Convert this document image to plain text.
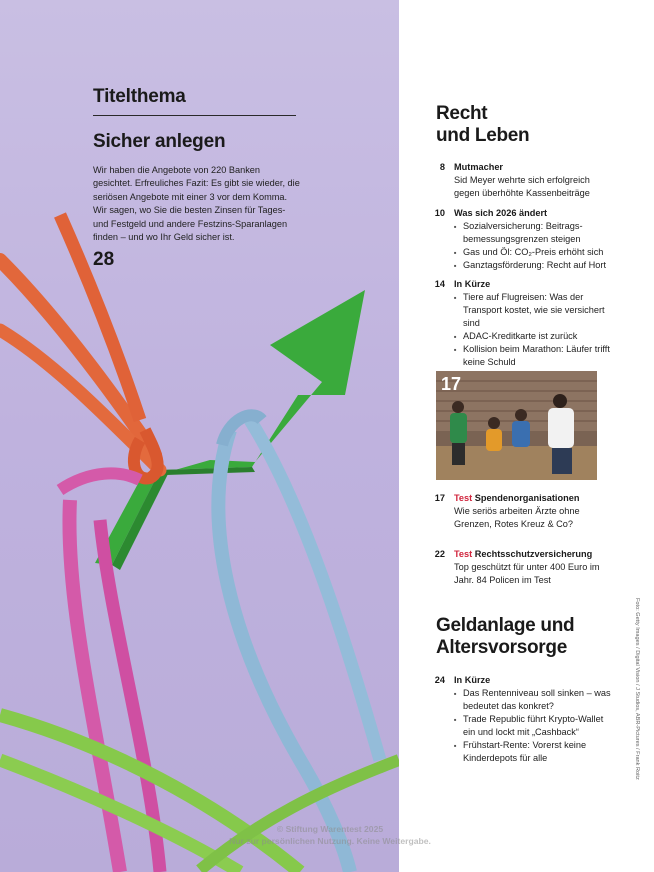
Titelthema
Sicher anlegen
Wir haben die Angebote von 220 Banken gesichtet. Erfreuliches Fazit: Es gibt sie wieder, die seriösen Angebote mit einer 3 vor dem Komma. Wir sagen, wo Sie die besten Zinsen für Tages- und Festgeld und andere Festzins-Sparanlagen finden – und wo Ihr Geld sicher ist.
28
Recht
und Leben
8 Mutmacher
Sid Meyer wehrte sich erfolgreich gegen überhöhte Kassenbeiträge
10 Was sich 2026 ändert
■ Sozialversicherung: Beitragsbemessungsgrenzen steigen
■ Gas und Öl: CO₂-Preis erhöht sich
■ Ganztagsförderung: Recht auf Hort
14 In Kürze
■ Tiere auf Flugreisen: Was der Transport kostet, wie sie versichert sind
■ ADAC-Kreditkarte ist zurück
■ Kollision beim Marathon: Läufer trifft keine Schuld
17
17 Test Spendenorganisationen
Wie seriös arbeiten Ärzte ohne Grenzen, Rotes Kreuz & Co?
22 Test Rechtsschutzversicherung
Top geschützt für unter 400 Euro im Jahr. 84 Policen im Test
Geldanlage und
Altersvorsorge
24 In Kürze
■ Das Rentenniveau soll sinken – was bedeutet das konkret?
■ Trade Republic führt Krypto-Wallet ein und lockt mit „Cashback“
■ Frühstart-Rente: Vorerst keine Kinderdepots für alle	Foto: Getty Images / Digital Vision / J Studios, ABR-Pictures / Frank Roitz
© Stiftung Warentest 2025
Nur zur persönlichen Nutzung. Keine Weitergabe.
